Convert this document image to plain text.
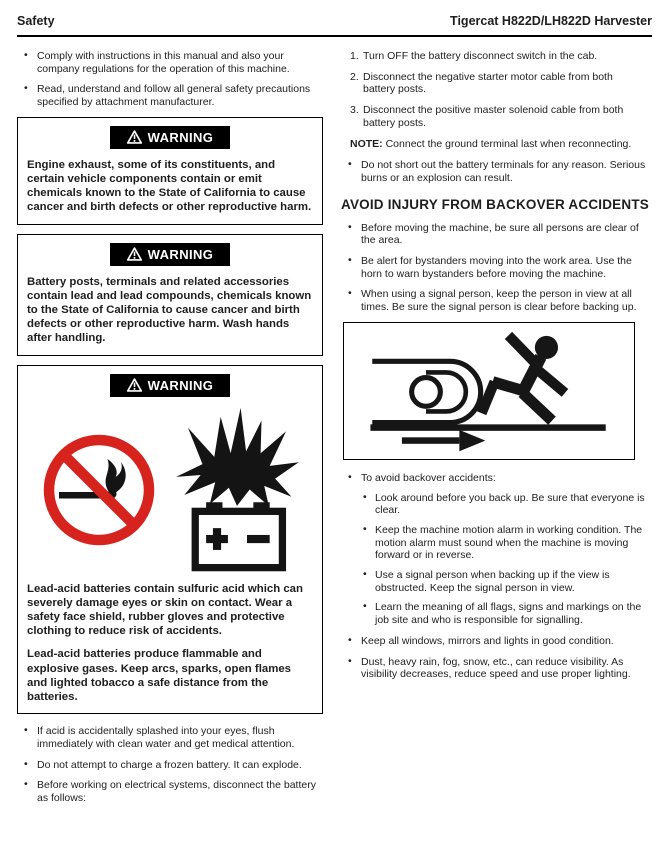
Safety	Tigercat H822D/LH822D Harvester
• Comply with instructions in this manual and also your company regulations for the operation of this machine.
• Read, understand and follow all general safety precautions specified by attachment manufacturer.
WARNING

Engine exhaust, some of its constituents, and certain vehicle components contain or emit chemicals known to the State of California to cause cancer and birth defects or other reproductive harm.

WARNING

Battery posts, terminals and related accessories contain lead and lead compounds, chemicals known to the State of California to cause cancer and birth defects or other reproductive harm. Wash hands after handling.

WARNING

Lead-acid batteries contain sulfuric acid which can severely damage eyes or skin on contact. Wear a safety face shield, rubber gloves and protective clothing to reduce risk of accidents.

Lead-acid batteries produce flammable and explosive gases. Keep arcs, sparks, open flames and lighted tobacco a safe distance from the batteries.

• If acid is accidentally splashed into your eyes, flush immediately with clean water and get medical attention.
• Do not attempt to charge a frozen battery. It can explode.
• Before working on electrical systems, disconnect the battery as follows:
1. Turn OFF the battery disconnect switch in the cab.
2. Disconnect the negative starter motor cable from both battery posts.
3. Disconnect the positive master solenoid cable from both battery posts.

NOTE: Connect the ground terminal last when reconnecting.

• Do not short out the battery terminals for any reason. Serious burns or an explosion can result.
AVOID INJURY FROM BACKOVER ACCIDENTS
• Before moving the machine, be sure all persons are clear of the area.
• Be alert for bystanders moving into the work area. Use the horn to warn bystanders before moving the machine.
• When using a signal person, keep the person in view at all times. Be sure the signal person is clear before backing up.
• To avoid backover accidents:
• Look around before you back up. Be sure that everyone is clear.
• Keep the machine motion alarm in working condition. The motion alarm must sound when the machine is moving forward or in reverse.
• Use a signal person when backing up if the view is obstructed. Keep the signal person in view.
• Learn the meaning of all flags, signs and markings on the job site and who is responsible for signalling.
• Keep all windows, mirrors and lights in good condition.
• Dust, heavy rain, fog, snow, etc., can reduce visibility. As visibility decreases, reduce speed and use proper lighting.
